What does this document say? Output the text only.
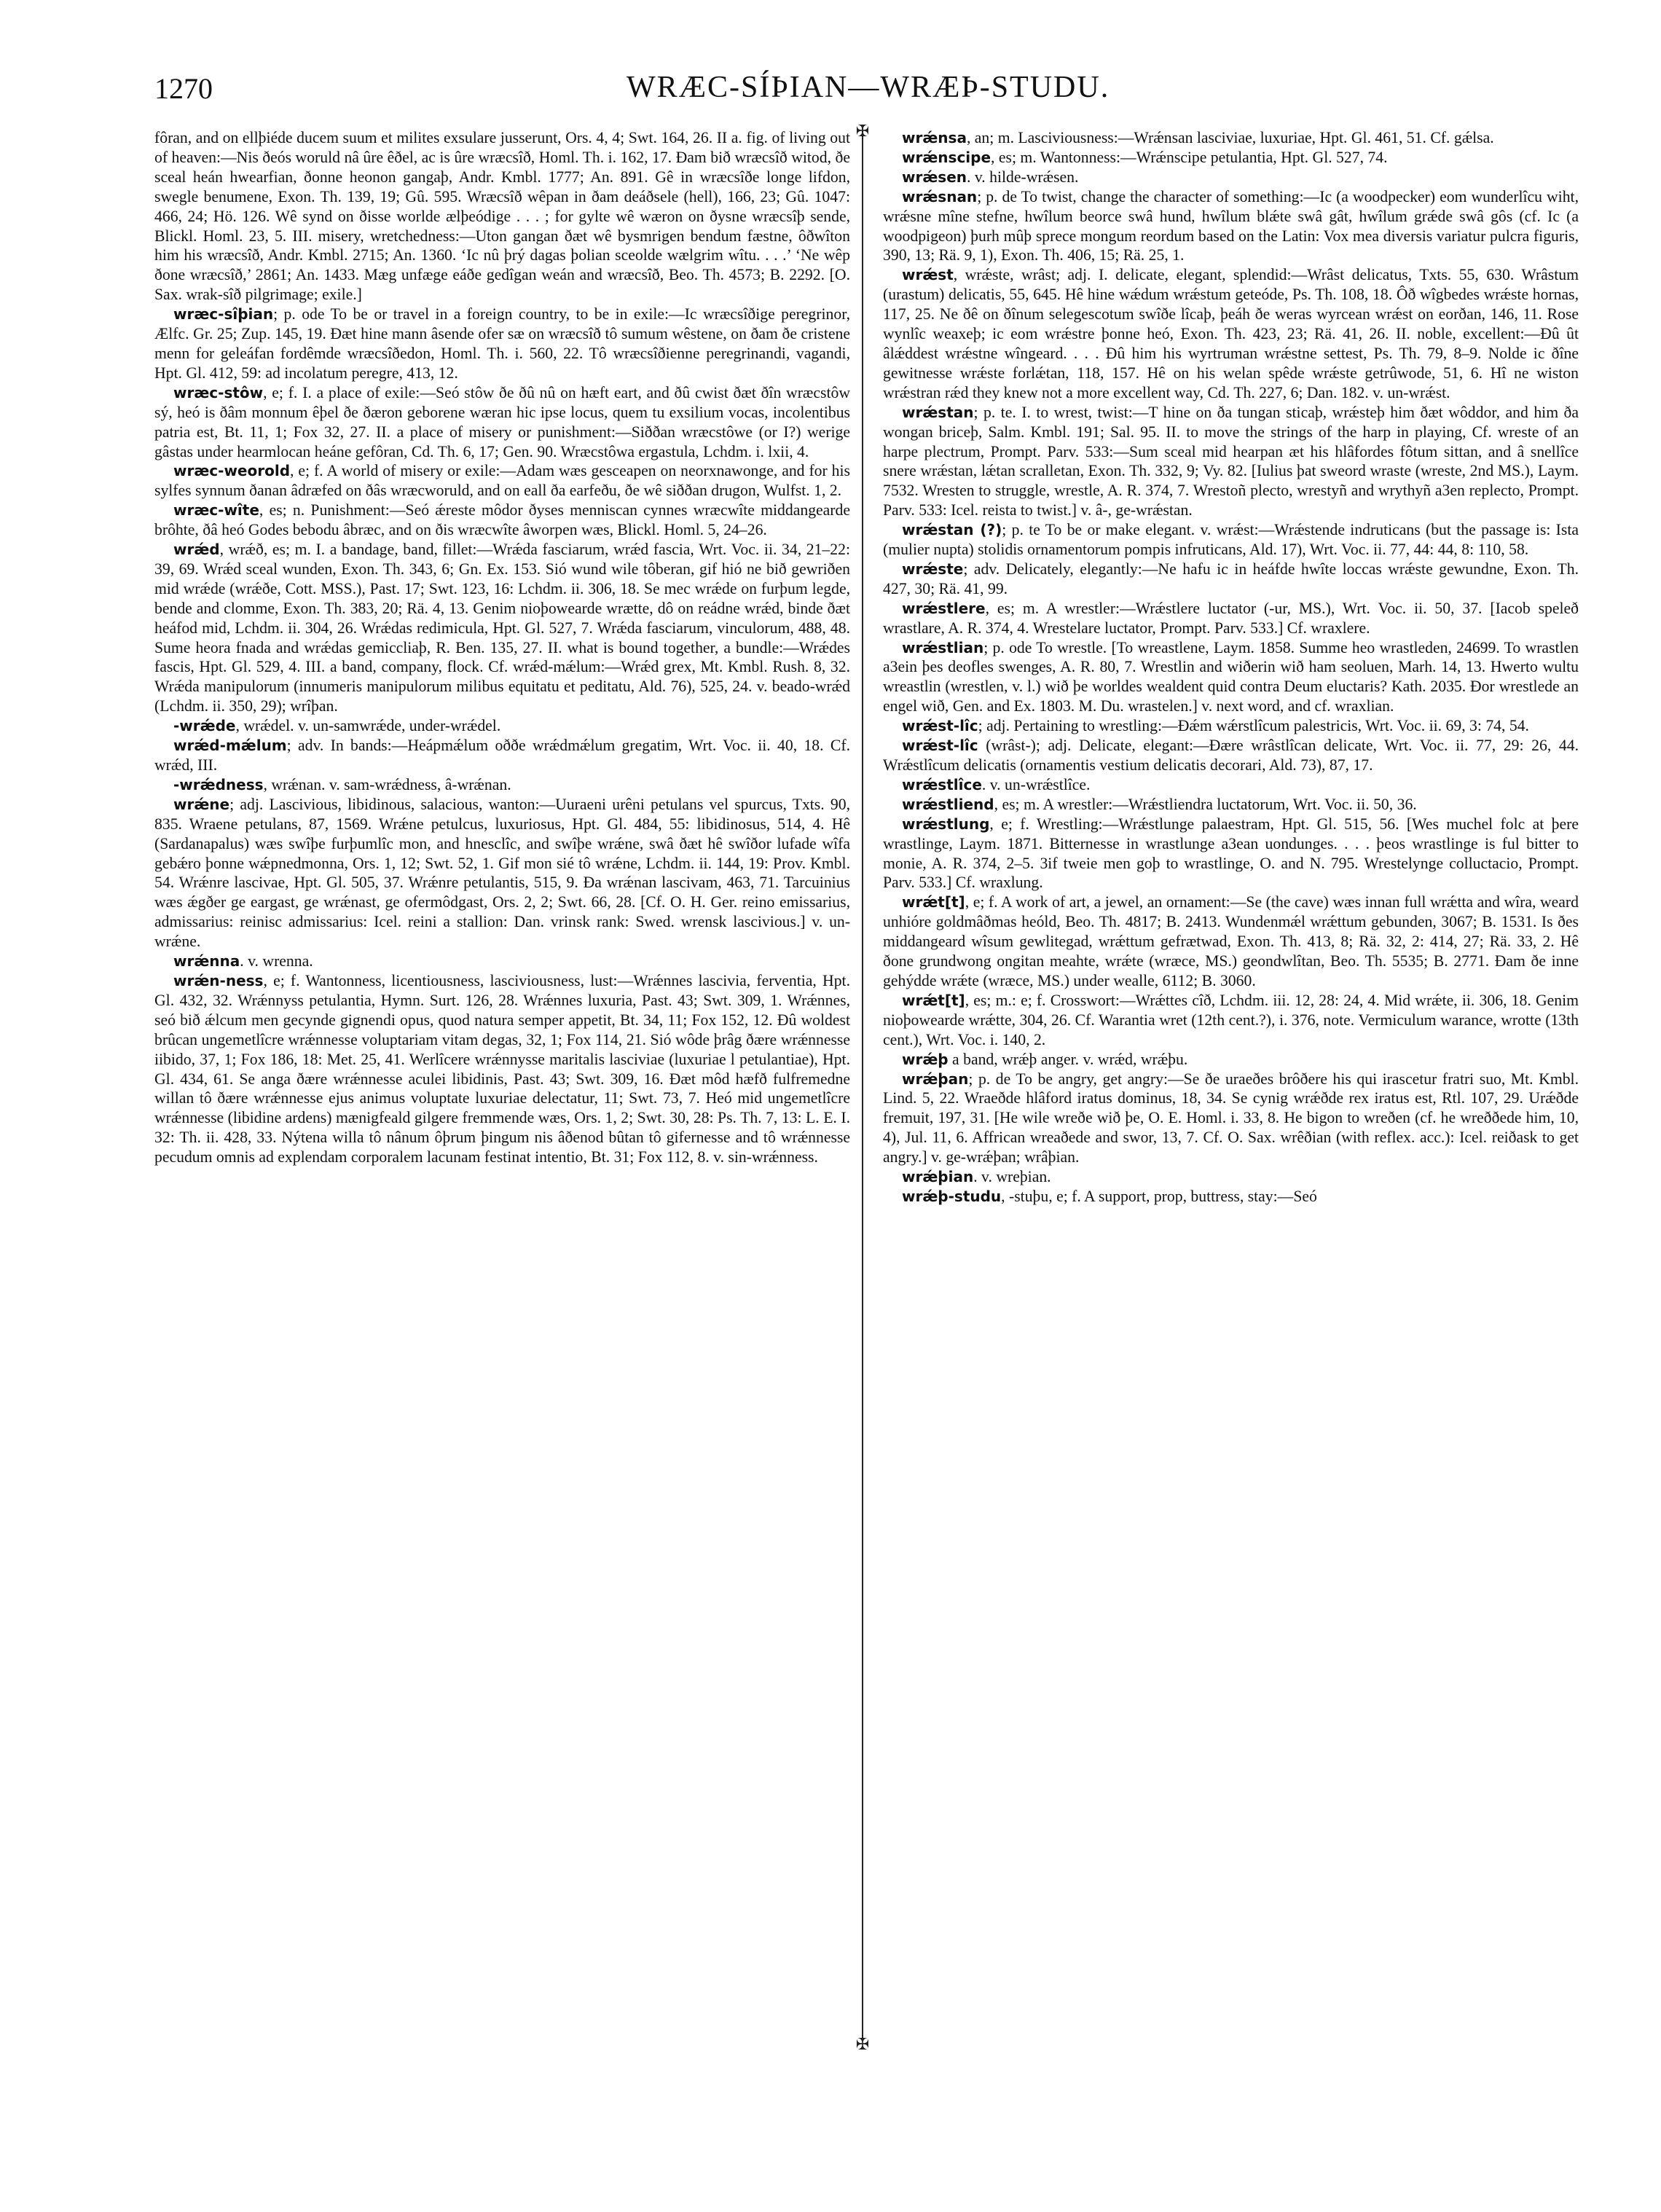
1270	WRÆC-SÍÞIAN—WRÆÞ-STUDU.
✠
✠

fôran, and on ellþiéde ducem suum et milites exsulare jusserunt, Ors. 4, 4; Swt. 164, 26. II a. fig. of living out of heaven:—Nis ðeós woruld nâ ûre êðel, ac is ûre wræcsîð, Homl. Th. i. 162, 17. Ðam bið wræcsîð witod, ðe sceal heán hwearfian, ðonne heonon gangaþ, Andr. Kmbl. 1777; An. 891. Gê in wræcsîðe longe lifdon, swegle benumene, Exon. Th. 139, 19; Gû. 595. Wræcsîð wêpan in ðam deáðsele (hell), 166, 23; Gû. 1047: 466, 24; Hö. 126. Wê synd on ðisse worlde ælþeódige . . . ; for gylte wê wæron on ðysne wræcsîþ sende, Blickl. Homl. 23, 5. III. misery, wretchedness:—Uton gangan ðæt wê bysmrigen bendum fæstne, ôðwîton him his wræcsîð, Andr. Kmbl. 2715; An. 1360. ‘Ic nû þrý dagas þolian sceolde wælgrim wîtu. . . .’ ‘Ne wêp ðone wræcsîð,’ 2861; An. 1433. Mæg unfæge eáðe gedîgan weán and wræcsîð, Beo. Th. 4573; B. 2292. [O. Sax. wrak-sîð pilgrimage; exile.]

wræc-sîþian; p. ode To be or travel in a foreign country, to be in exile:—Ic wræcsîðige peregrinor, Ælfc. Gr. 25; Zup. 145, 19. Ðæt hine mann âsende ofer sæ on wræcsîð tô sumum wêstene, on ðam ðe cristene menn for geleáfan fordêmde wræcsîðedon, Homl. Th. i. 560, 22. Tô wræcsîðienne peregrinandi, vagandi, Hpt. Gl. 412, 59: ad incolatum peregre, 413, 12.

wræc-stôw, e; f. I. a place of exile:—Seó stôw ðe ðû nû on hæft eart, and ðû cwist ðæt ðîn wræcstôw sý, heó is ðâm monnum êþel ðe ðæron geborene wæran hic ipse locus, quem tu exsilium vocas, incolentibus patria est, Bt. 11, 1; Fox 32, 27. II. a place of misery or punishment:—Siððan wræcstôwe (or I?) werige gâstas under hearmlocan heáne gefôran, Cd. Th. 6, 17; Gen. 90. Wræcstôwa ergastula, Lchdm. i. lxii, 4.

wræc-weorold, e; f. A world of misery or exile:—Adam wæs gesceapen on neorxnawonge, and for his sylfes synnum ðanan âdræfed on ðâs wræcworuld, and on eall ða earfeðu, ðe wê siððan drugon, Wulfst. 1, 2.

wræc-wîte, es; n. Punishment:—Seó ǽreste môdor ðyses menniscan cynnes wræcwîte middangearde brôhte, ðâ heó Godes bebodu âbræc, and on ðis wræcwîte âworpen wæs, Blickl. Homl. 5, 24–26.

wrǽd, wrǽð, es; m. I. a bandage, band, fillet:—Wrǽda fasciarum, wrǽd fascia, Wrt. Voc. ii. 34, 21–22: 39, 69. Wrǽd sceal wunden, Exon. Th. 343, 6; Gn. Ex. 153. Sió wund wile tôberan, gif hió ne bið gewriðen mid wrǽde (wrǽðe, Cott. MSS.), Past. 17; Swt. 123, 16: Lchdm. ii. 306, 18. Se mec wrǽde on furþum legde, bende and clomme, Exon. Th. 383, 20; Rä. 4, 13. Genim nioþowearde wrætte, dô on reádne wrǽd, binde ðæt heáfod mid, Lchdm. ii. 304, 26. Wrǽdas redimicula, Hpt. Gl. 527, 7. Wrǽda fasciarum, vinculorum, 488, 48. Sume heora fnada and wrǽdas gemiccliaþ, R. Ben. 135, 27. II. what is bound together, a bundle:—Wrǽdes fascis, Hpt. Gl. 529, 4. III. a band, company, flock. Cf. wrǽd-mǽlum:—Wrǽd grex, Mt. Kmbl. Rush. 8, 32. Wrǽda manipulorum (innumeris manipulorum milibus equitatu et peditatu, Ald. 76), 525, 24. v. beado-wrǽd (Lchdm. ii. 350, 29); wrîþan.

-wrǽde, wrǽdel. v. un-samwrǽde, under-wrǽdel.

wrǽd-mǽlum; adv. In bands:—Heápmǽlum oððe wrǽdmǽlum gregatim, Wrt. Voc. ii. 40, 18. Cf. wrǽd, III.

-wrǽdness, wrǽnan. v. sam-wrǽdness, â-wrǽnan.

wrǽne; adj. Lascivious, libidinous, salacious, wanton:—Uuraeni urêni petulans vel spurcus, Txts. 90, 835. Wraene petulans, 87, 1569. Wrǽne petulcus, luxuriosus, Hpt. Gl. 484, 55: libidinosus, 514, 4. Hê (Sardanapalus) wæs swîþe furþumlîc mon, and hnesclîc, and swîþe wrǽne, swâ ðæt hê swîðor lufade wîfa gebǽro þonne wǽpnedmonna, Ors. 1, 12; Swt. 52, 1. Gif mon sié tô wrǽne, Lchdm. ii. 144, 19: Prov. Kmbl. 54. Wrǽnre lascivae, Hpt. Gl. 505, 37. Wrǽnre petulantis, 515, 9. Ða wrǽnan lascivam, 463, 71. Tarcuinius wæs ǽgðer ge eargast, ge wrǽnast, ge ofermôdgast, Ors. 2, 2; Swt. 66, 28. [Cf. O. H. Ger. reino emissarius, admissarius: reinisc admissarius: Icel. reini a stallion: Dan. vrinsk rank: Swed. wrensk lascivious.] v. un-wrǽne.

wrǽnna. v. wrenna.

wrǽn-ness, e; f. Wantonness, licentiousness, lasciviousness, lust:—Wrǽnnes lascivia, ferventia, Hpt. Gl. 432, 32. Wrǽnnyss petulantia, Hymn. Surt. 126, 28. Wrǽnnes luxuria, Past. 43; Swt. 309, 1. Wrǽnnes, seó bið ǽlcum men gecynde gignendi opus, quod natura semper appetit, Bt. 34, 11; Fox 152, 12. Ðû woldest brûcan ungemetlîcre wrǽnnesse voluptariam vitam degas, 32, 1; Fox 114, 21. Sió wôde þrâg ðære wrǽnnesse iibido, 37, 1; Fox 186, 18: Met. 25, 41. Werlîcere wrǽnnysse maritalis lasciviae (luxuriae l petulantiae), Hpt. Gl. 434, 61. Se anga ðære wrǽnnesse aculei libidinis, Past. 43; Swt. 309, 16. Ðæt môd hæfð fulfremedne willan tô ðære wrǽnnesse ejus animus voluptate luxuriae delectatur, 11; Swt. 73, 7. Heó mid ungemetlîcre wrǽnnesse (libidine ardens) mænigfeald gilgere fremmende wæs, Ors. 1, 2; Swt. 30, 28: Ps. Th. 7, 13: L. E. I. 32: Th. ii. 428, 33. Nýtena willa tô nânum ôþrum þingum nis âðenod bûtan tô gifernesse and tô wrǽnnesse pecudum omnis ad explendam corporalem lacunam festinat intentio, Bt. 31; Fox 112, 8. v. sin-wrǽnness.

wrǽnsa, an; m. Lasciviousness:—Wrǽnsan lasciviae, luxuriae, Hpt. Gl. 461, 51. Cf. gǽlsa.

wrǽnscipe, es; m. Wantonness:—Wrǽnscipe petulantia, Hpt. Gl. 527, 74.

wrǽsen. v. hilde-wrǽsen.

wrǽsnan; p. de To twist, change the character of something:—Ic (a woodpecker) eom wunderlîcu wiht, wrǽsne mîne stefne, hwîlum beorce swâ hund, hwîlum blǽte swâ gât, hwîlum grǽde swâ gôs (cf. Ic (a woodpigeon) þurh mûþ sprece mongum reordum based on the Latin: Vox mea diversis variatur pulcra figuris, 390, 13; Rä. 9, 1), Exon. Th. 406, 15; Rä. 25, 1.

wrǽst, wrǽste, wrâst; adj. I. delicate, elegant, splendid:—Wrâst delicatus, Txts. 55, 630. Wrâstum (urastum) delicatis, 55, 645. Hê hine wǽdum wrǽstum geteóde, Ps. Th. 108, 18. Ôð wîgbedes wrǽste hornas, 117, 25. Ne ðê on ðînum selegescotum swîðe lîcaþ, þeáh ðe weras wyrcean wrǽst on eorðan, 146, 11. Rose wynlîc weaxeþ; ic eom wrǽstre þonne heó, Exon. Th. 423, 23; Rä. 41, 26. II. noble, excellent:—Ðû ût âlǽddest wrǽstne wîngeard. . . . Ðû him his wyrtruman wrǽstne settest, Ps. Th. 79, 8–9. Nolde ic ðîne gewitnesse wrǽste forlǽtan, 118, 157. Hê on his welan spêde wrǽste getrûwode, 51, 6. Hî ne wiston wrǽstran rǽd they knew not a more excellent way, Cd. Th. 227, 6; Dan. 182. v. un-wrǽst.

wrǽstan; p. te. I. to wrest, twist:—T hine on ða tungan sticaþ, wrǽsteþ him ðæt wôddor, and him ða wongan briceþ, Salm. Kmbl. 191; Sal. 95. II. to move the strings of the harp in playing, Cf. wreste of an harpe plectrum, Prompt. Parv. 533:—Sum sceal mid hearpan æt his hlâfordes fôtum sittan, and â snellîce snere wrǽstan, lǽtan scralletan, Exon. Th. 332, 9; Vy. 82. [Iulius þat sweord wraste (wreste, 2nd MS.), Laym. 7532. Wresten to struggle, wrestle, A. R. 374, 7. Wrestoñ plecto, wrestyñ and wrythyñ a3en replecto, Prompt. Parv. 533: Icel. reista to twist.] v. â-, ge-wrǽstan.

wrǽstan (?); p. te To be or make elegant. v. wrǽst:—Wrǽstende indruticans (but the passage is: Ista (mulier nupta) stolidis ornamentorum pompis infruticans, Ald. 17), Wrt. Voc. ii. 77, 44: 44, 8: 110, 58.

wrǽste; adv. Delicately, elegantly:—Ne hafu ic in heáfde hwîte loccas wrǽste gewundne, Exon. Th. 427, 30; Rä. 41, 99.

wrǽstlere, es; m. A wrestler:—Wrǽstlere luctator (-ur, MS.), Wrt. Voc. ii. 50, 37. [Iacob speleð wrastlare, A. R. 374, 4. Wrestelare luctator, Prompt. Parv. 533.] Cf. wraxlere.

wrǽstlian; p. ode To wrestle. [To wreastlene, Laym. 1858. Summe heo wrastleden, 24699. To wrastlen a3ein þes deofles swenges, A. R. 80, 7. Wrestlin and wiðerin wið ham seoluen, Marh. 14, 13. Hwerto wultu wreastlin (wrestlen, v. l.) wið þe worldes wealdent quid contra Deum eluctaris? Kath. 2035. Ðor wrestlede an engel wið, Gen. and Ex. 1803. M. Du. wrastelen.] v. next word, and cf. wraxlian.

wrǽst-lîc; adj. Pertaining to wrestling:—Ðǽm wǽrstlîcum palestricis, Wrt. Voc. ii. 69, 3: 74, 54.

wrǽst-lîc (wrâst-); adj. Delicate, elegant:—Ðære wrâstlîcan delicate, Wrt. Voc. ii. 77, 29: 26, 44. Wrǽstlîcum delicatis (ornamentis vestium delicatis decorari, Ald. 73), 87, 17.

wrǽstlîce. v. un-wrǽstlîce.

wrǽstliend, es; m. A wrestler:—Wrǽstliendra luctatorum, Wrt. Voc. ii. 50, 36.

wrǽstlung, e; f. Wrestling:—Wrǽstlunge palaestram, Hpt. Gl. 515, 56. [Wes muchel folc at þere wrastlinge, Laym. 1871. Bitternesse in wrastlunge a3ean uondunges. . . . þeos wrastlinge is ful bitter to monie, A. R. 374, 2–5. 3if tweie men goþ to wrastlinge, O. and N. 795. Wrestelynge colluctacio, Prompt. Parv. 533.] Cf. wraxlung.

wrǽt[t], e; f. A work of art, a jewel, an ornament:—Se (the cave) wæs innan full wrǽtta and wîra, weard unhióre goldmâðmas heóld, Beo. Th. 4817; B. 2413. Wundenmǽl wrǽttum gebunden, 3067; B. 1531. Is ðes middangeard wîsum gewlitegad, wrǽttum gefrætwad, Exon. Th. 413, 8; Rä. 32, 2: 414, 27; Rä. 33, 2. Hê ðone grundwong ongitan meahte, wrǽte (wræce, MS.) geondwlîtan, Beo. Th. 5535; B. 2771. Ðam ðe inne gehýdde wrǽte (wræce, MS.) under wealle, 6112; B. 3060.

wrǽt[t], es; m.: e; f. Crosswort:—Wrǽttes cîð, Lchdm. iii. 12, 28: 24, 4. Mid wrǽte, ii. 306, 18. Genim nioþowearde wrǽtte, 304, 26. Cf. Warantia wret (12th cent.?), i. 376, note. Vermiculum warance, wrotte (13th cent.), Wrt. Voc. i. 140, 2.

wrǽþ a band, wrǽþ anger. v. wrǽd, wrǽþu.

wrǽþan; p. de To be angry, get angry:—Se ðe uraeðes brôðere his qui irascetur fratri suo, Mt. Kmbl. Lind. 5, 22. Wraeðde hlâford iratus dominus, 18, 34. Se cynig wrǽðde rex iratus est, Rtl. 107, 29. Urǽðde fremuit, 197, 31. [He wile wreðe wið þe, O. E. Homl. i. 33, 8. He bigon to wreðen (cf. he wreððede him, 10, 4), Jul. 11, 6. Affrican wreaðede and swor, 13, 7. Cf. O. Sax. wrêðian (with reflex. acc.): Icel. reiðask to get angry.] v. ge-wrǽþan; wrâþian.

wrǽþian. v. wreþian.

wrǽþ-studu, -stuþu, e; f. A support, prop, buttress, stay:—Seó
